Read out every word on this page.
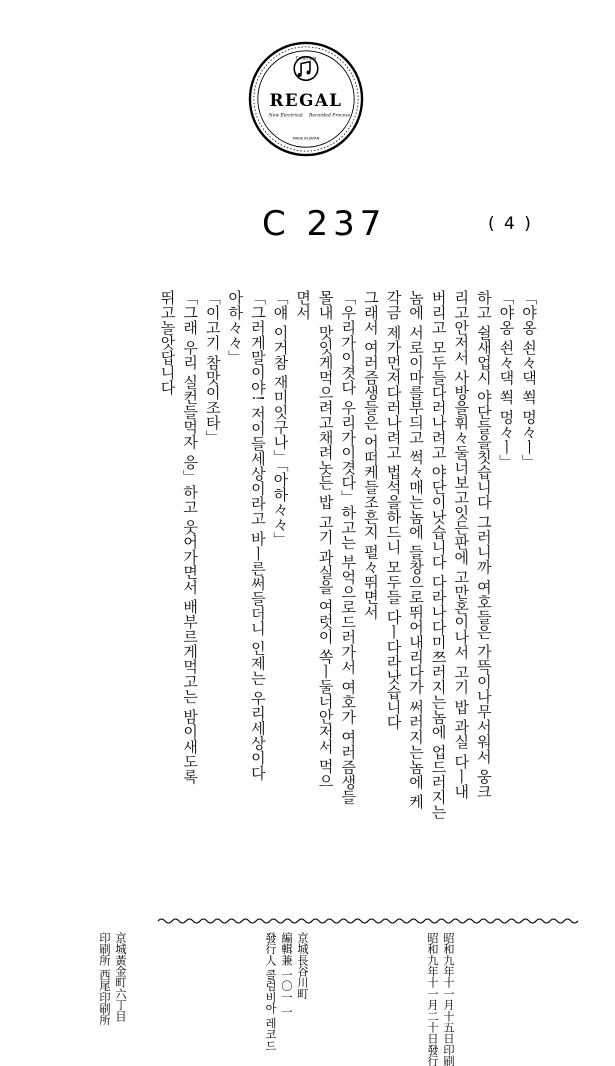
Columbia
REGAL
New Electrical Recorded Process
MADE IN JAPAN
C 237	( 4 )
「야옹 쇤々댁 쐭 멍々ㅣ」
「야옹 쇤々댁 쐭 멍々ㅣ」
하고 쉴새업시 야단들을칫습니다 그러니까 여호들은 가뜩이나무서워서 웅크
리고안저서 사방을휘々둘너보고잇든판에 고만혼이나서 고기 밥 과실 다ㅣ내
버리고 모두들다러나려고 야단이낫습니다 다라나다미쯔러지는놈에 업드러지는
놈에 서로이마를부듸고 썩々매는놈에 들창으로뛰어내리다가 써러지는놈에 케
각금 제가먼저다러나려고 법석을하드니 모두들 다ㅣ다라낫습니다
그래서 여러즘생들은 어떠케들조흔지 펄々뛰면서
「우리가이겻다 우리가이겻다」하고는 부억으로드러가서 여호가 여러즘생들
몰내 맛잇게먹으려고채려놋든 밥 고기 과실을 여럿이 쏙ㅣ둘너안저서 먹으
면서
「얘 이거참 재미잇구나」「아하々々」
「그러게말이야! 저이들세상이라고 바ㅣ른써들더니 인제는 우리세상이다
아하々々」
「이고기 참맛이조타」
「그래 우리 실컨들먹자 응」하고 웃어가면서 배부르게먹고는 밤이새도록
뛰고놀앗답니다
昭和九年十一月十五日印刷
昭和九年十一月二十日發行
京城長谷川町
編輯兼 一〇一 一
發行人 콜럼비아 레코드
京城黃金町六丁目
印刷所 西尾印刷所
